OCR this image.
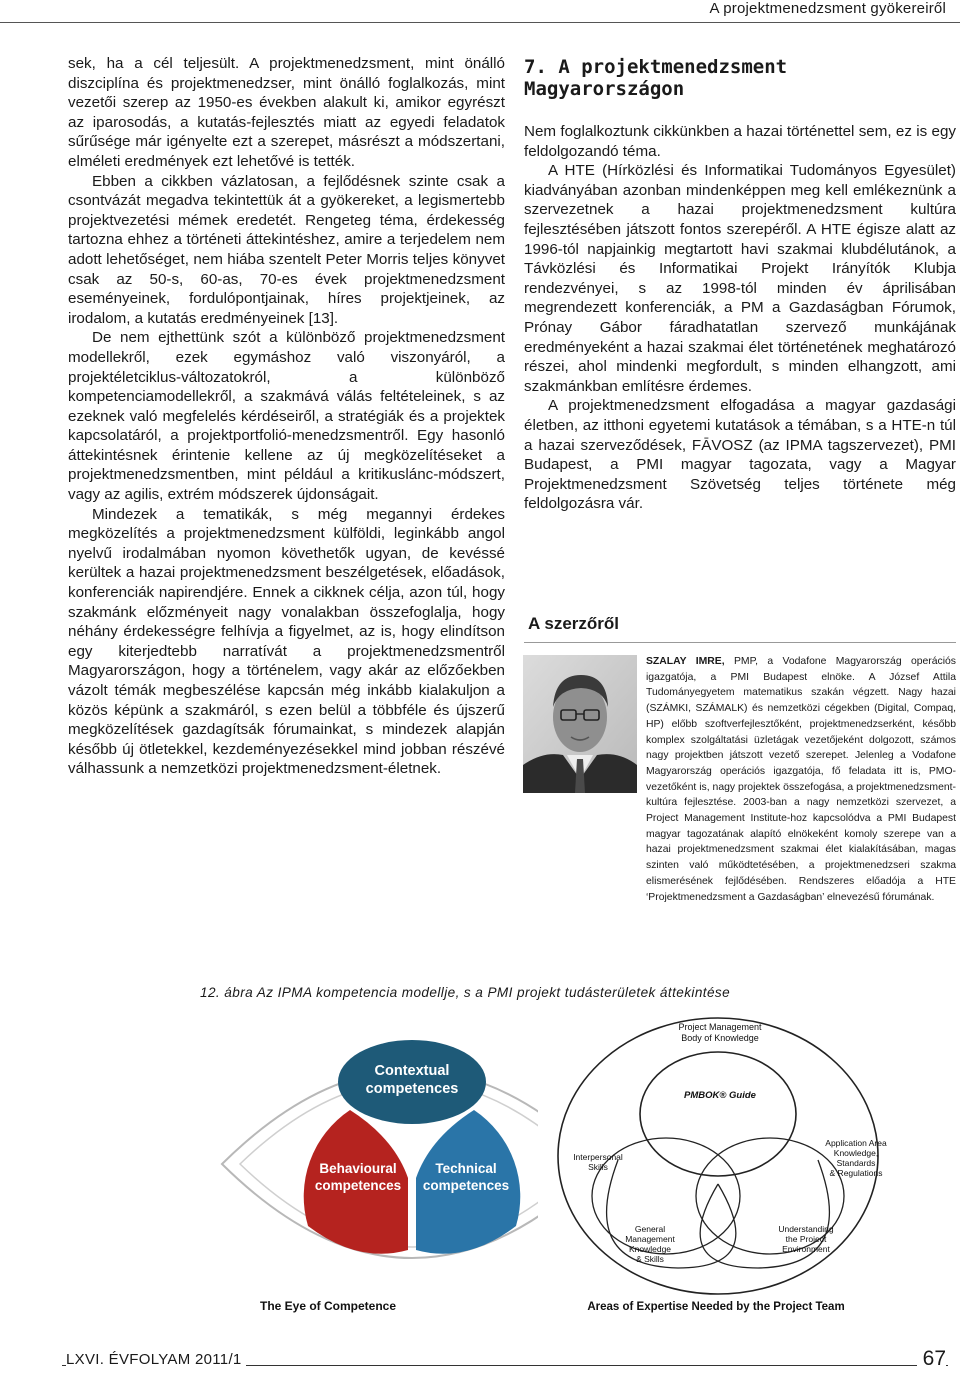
A projektmenedzsment gyökereiről

sek, ha a cél teljesült. A projektmenedzsment, mint önálló diszciplína és projektmenedzser, mint önálló foglalkozás, mint vezetői szerep az 1950-es években alakult ki, amikor egyrészt az iparosodás, a kutatás-fejlesztés miatt az egyedi feladatok sűrűsége már igényelte ezt a szerepet, másrészt a módszertani, elméleti eredmények ezt lehetővé is tették.

Ebben a cikkben vázlatosan, a fejlődésnek szinte csak a csontvázát megadva tekintettük át a gyökereket, a legismertebb projektvezetési mémek eredetét. Rengeteg téma, érdekesség tartozna ehhez a történeti áttekintéshez, amire a terjedelem nem adott lehetőséget, nem hiába szentelt Peter Morris teljes könyvet csak az 50-s, 60-as, 70-es évek projektmenedzsment eseményeinek, fordulópontjainak, híres projektjeinek, az irodalom, a kutatás eredményeinek [13].

De nem ejthettünk szót a különböző projektmenedzsment modellekről, ezek egymáshoz való viszonyáról, a projektéletciklus-változatokról, a különböző kompetenciamodellekről, a szakmává válás feltételeinek, s az ezeknek való megfelelés kérdéseiről, a stratégiák és a projektek kapcsolatáról, a projektportfolió-menedzsmentről. Egy hasonló áttekintésnek érintenie kellene az új megközelítéseket a projektmenedzsmentben, mint például a kritikuslánc-módszert, vagy az agilis, extrém módszerek újdonságait.

Mindezek a tematikák, s még megannyi érdekes megközelítés a projektmenedzsment külföldi, leginkább angol nyelvű irodalmában nyomon követhetők ugyan, de kevéssé kerültek a hazai projektmenedzsment beszélgetések, előadások, konferenciák napirendjére. Ennek a cikknek célja, azon túl, hogy szakmánk előzményeit nagy vonalakban összefoglalja, hogy néhány érdekességre felhívja a figyelmet, az is, hogy elindítson egy kiterjedtebb narratívát a projektmenedzsmentről Magyarországon, hogy a történelem, vagy akár az előzőekben vázolt témák megbeszélése kapcsán még inkább kialakuljon a közös képünk a szakmáról, s ezen belül a többféle és újszerű megközelítések gazdagítsák fórumainkat, s mindezek alapján később új ötletekkel, kezdeményezésekkel mind jobban részévé válhassunk a nemzetközi projektmenedzsment-életnek.

7. A projektmenedzsment Magyarországon

Nem foglalkoztunk cikkünkben a hazai történettel sem, ez is egy feldolgozandó téma.

A HTE (Hírközlési és Informatikai Tudományos Egyesület) kiadványában azonban mindenképpen meg kell emlékeznünk a szervezetnek a hazai projektmenedzsment kultúra fejlesztésében játszott fontos szerepéről. A HTE égisze alatt az 1996-tól napjainkig megtartott havi szakmai klubdélutánok, a Távközlési és Informatikai Projekt Irányítók Klubja rendezvényei, s az 1998-tól minden év áprilisában megrendezett konferenciák, a PM a Gazdaságban Fórumok, Prónay Gábor fáradhatatlan szervező munkájának eredményeként a hazai szakmai élet történetének meghatározó részei, ahol mindenki megfordult, s minden elhangzott, ami szakmánkban említésre érdemes.

A projektmenedzsment elfogadása a magyar gazdasági életben, az itthoni egyetemi kutatások a témában, s a HTE-n túl a hazai szerveződések, FĀVOSZ (az IPMA tagszervezet), PMI Budapest, a PMI magyar tagozata, vagy a Magyar Projektmenedzsment Szövetség teljes története még feldolgozásra vár.

A szerzőről
SZALAY IMRE, PMP, a Vodafone Magyarország operációs igazgatója, a PMI Budapest elnöke. A József Attila Tudományegyetem matematikus szakán végzett. Nagy hazai (SZÁMKI, SZÁMALK) és nemzetközi cégekben (Digital, Compaq, HP) előbb szoftverfejlesztőként, projektmenedzserként, később komplex szolgáltatási üzletágak vezetőjeként dolgozott, számos nagy projektben játszott vezető szerepet. Jelenleg a Vodafone Magyarország operációs igazgatója, fő feladata itt is, PMO-vezetőként is, nagy projektek összefogása, a projektmenedzsment-kultúra fejlesztése. 2003-ban a nagy nemzetközi szervezet, a Project Management Institute-hoz kapcsolódva a PMI Budapest magyar tagozatának alapító elnökeként komoly szerepe van a hazai projektmenedzsment szakmai élet kialakításában, magas szinten való működtetésében, a projektmenedzseri szakma elismerésének fejlődésében. Rendszeres előadója a HTE ‘Projektmenedzsment a Gazdaságban’ elnevezésű fórumának.
12. ábra Az IPMA kompetencia modellje, s a PMI projekt tudásterületek áttekintése
Contextual
competences
Behavioural
competences
Technical
competences
The Eye of Competence
Project Management
Body of Knowledge
PMBOK® Guide
Interpersonal
Skills
Application Area
Knowledge,
Standards
& Regulations
General
Management
Knowledge
& Skills
Understanding
the Project
Environment
Areas of Expertise Needed by the Project Team
LXVI. ÉVFOLYAM 2011/1	67
